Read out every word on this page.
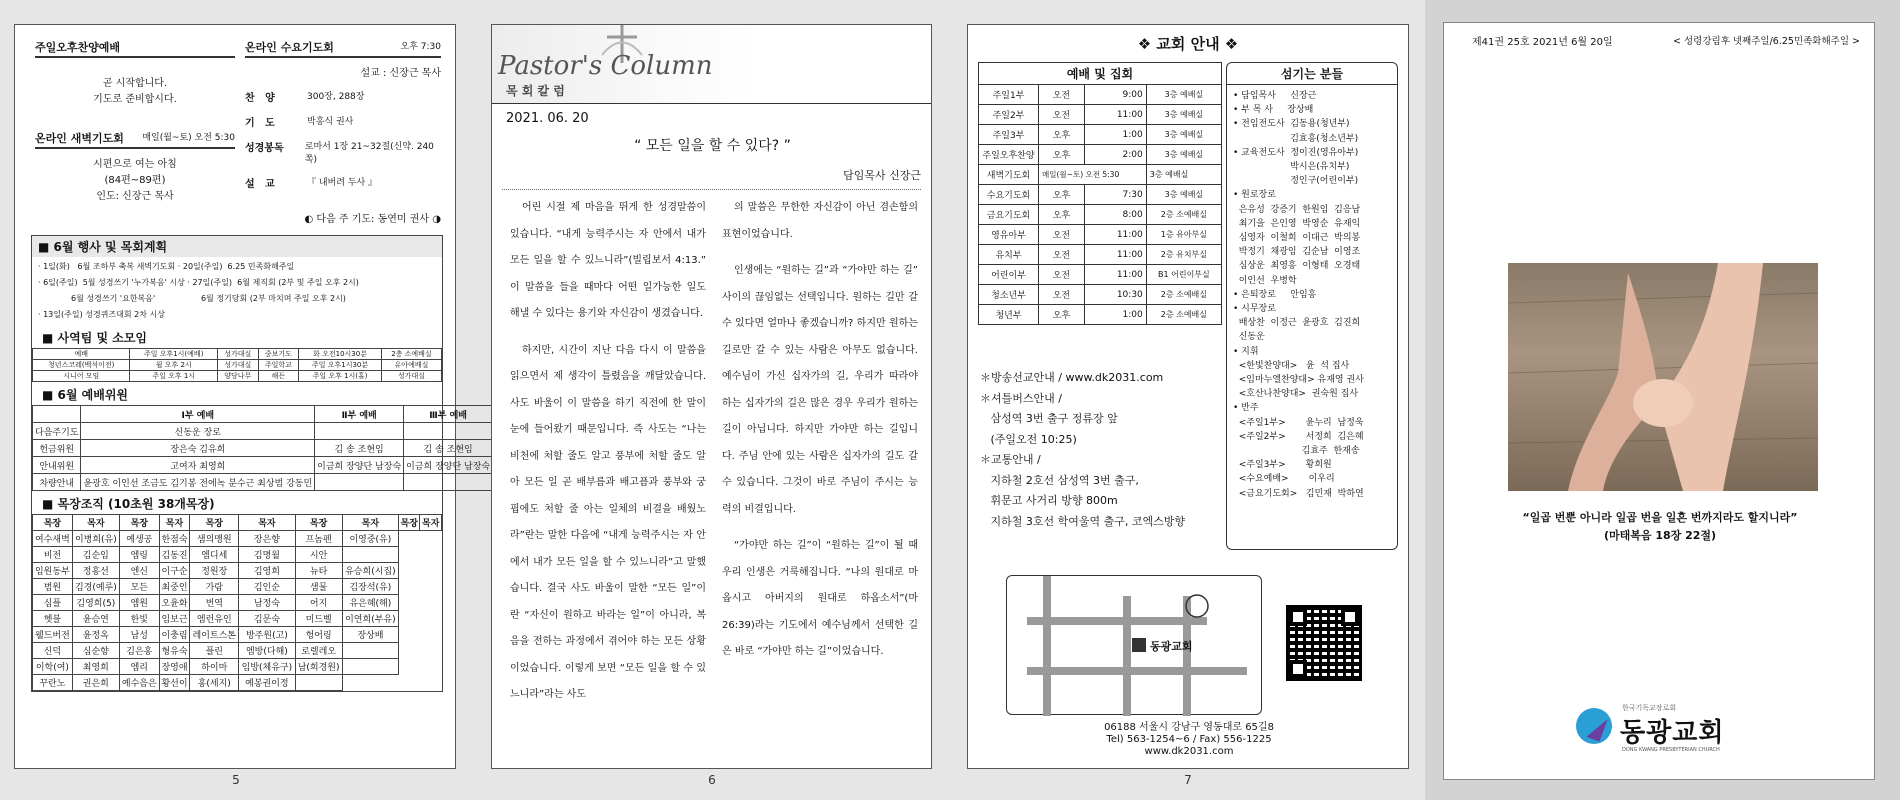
주일오후찬양예배
곧 시작합니다.
기도로 준비합시다.
온라인 새벽기도회 매일(월~토) 오전 5:30
시편으로 여는 아침
(84편~89편)
인도: 신장근 목사
온라인 수요기도회	오후 7:30
설교 : 신장근 목사
찬   양	300장, 288장
기   도	박흥식 권사
성경봉독	로마서 1장 21~32절(신약. 240쪽)
설   교	『 내버려 두사 』
◐ 다음 주 기도: 동연미 권사 ◑
■ 6월 행사 및 목회계획
· 1일(화)   6월 조하부 축복 새벽기도회 · 20일(주일)  6.25 민족화해주일
· 6일(주일)  5월 성경쓰기 '누가복음' 시상 · 27일(주일)  6월 제직회 (2부 및 주일 오후 2시)
6월 성경쓰기 '요한복음'                  6월 정기당회 (2부 마치며 주일 오후 2시)
· 13일(주일) 성경퀴즈대회 2차 시상
■ 사역팀 및 소모임
예배	주일 오후1시(예배)	성가대실	중보기도	화 오전10시30분	2층 소예배실
청년스코레(백석이전)	월 오후 2시	성가대실	주일학교	주일 오후1시30분	유아예배실
시니어 모임	주일 오후 1시	양당나무	해든	주일 오후 1시(홀)	성가대실
■ 6월 예배위원
	Ⅰ부 예배	Ⅱ부 예배	Ⅲ부 예배
다음주기도	신동운 장로		
헌금위원	장은숙 김유희	김 송 조현임	김 송 조현임
안내위원	고여자 최영희	이금희 장양단 남장숙	이금희 장양단 남장숙
차량안내	윤광호 이인선 조금도 김기봉 전에녹 분수근 최상범 강동민		
■ 목장조직 (10초원 38개목장)
목장	목자	목장	목자	목장	목자	목장	목자	목장	목자
여수새벽	이병희(유)	예생공	한점숙	샘의맹원	장은향	프놈펜	이영중(유)		
비전	김순임	엠링	김동진	엠디세	김명월	시안			
임원동부	정홍선	엔신	이구순	정원장	김영희	뉴타	유승희(시집)		
범원	김경(예루)	모든	최중인	가람	김인순	샘물	김장석(유)		
심플	김영희(5)	엠원	오윤화	번역	남정숙	어지	유은혜(해)		
헷블	윤승연	한빛	임보근	엠런유인	김문숙	미드벨	이연희(부유)		
웰드버전	윤정옥	남성	이충림	레이트스톤	방주원(고)	헝어링	장상배		
신덕	심순향	김은홍	형유숙	플린	엠방(다해)	로렐레오			
이학(여)	최영희	엠리	장영애	하이마	임방(체유구)	남(희경원)			
꾸란노	권은희	예수음은	황선이	홍(세지)	예봉권이정				
5
Pastor's Column
목 회 칼 럼
2021. 06. 20
“ 모든 일을 할 수 있다? ”
담임목사 신장근

어린 시절 제 마음을 뛰게 한 성경말씀이 있습니다. “내게 능력주시는 자 안에서 내가 모든 일을 할 수 있느니라”(빌립보서 4:13.” 이 말씀을 들을 때마다 어떤 일가능한 일도 해낼 수 있다는 용기와 자신감이 생겼습니다.

하지만, 시간이 지난 다음 다시 이 말씀을 읽으면서 제 생각이 틀렸음을 깨달았습니다. 사도 바울이 이 말씀을 하기 직전에 한 말이 눈에 들어왔기 때문입니다. 즉 사도는 “나는 비천에 처할 줄도 알고 풍부에 처할 줄도 알아 모든 일 곧 배부름과 배고픔과 풍부와 궁핍에도 처할 줄 아는 일체의 비결을 배웠노라”란는 말한 다음에 “내게 능력주시는 자 안에서 내가 모든 일을 할 수 있느니라”고 말했습니다. 결국 사도 바울이 말한 “모든 일”이란 “자신이 원하고 바라는 일”이 아니라, 복음을 전하는 과정에서 겪어야 하는 모든 상황이었습니다. 이렇게 보면 “모든 일을 할 수 있느니라”라는 사도

의 말씀은 무한한 자신감이 아닌 겸손함의 표현이었습니다.

인생에는 “원하는 길”과 “가야만 하는 길” 사이의 끊임없는 선택입니다. 원하는 길만 갈 수 있다면 얼마나 좋겠습니까? 하지만 원하는 길로만 갈 수 있는 사람은 아무도 없습니다. 예수님이 가신 십자가의 길, 우리가 따라야 하는 십자가의 길은 많은 경우 우리가 원하는 길이 아닙니다. 하지만 가야만 하는 길입니다. 주님 안에 있는 사람은 십자가의 길도 갈 수 있습니다. 그것이 바로 주님이 주시는 능력의 비결입니다.

“가야만 하는 길”이 “원하는 길”이 될 때 우리 인생은 거룩해집니다. “나의 원대로 마옵시고 아버지의 원대로 하옵소서”(마 26:39)라는 기도에서 예수님께서 선택한 길은 바로 “가야만 하는 길”이었습니다.

6
❖ 교회 안내 ❖
예배 및 집회
주일1부	오전	9:00	3층 예배실
주일2부	오전	11:00	3층 예배실
주일3부	오후	1:00	3층 예배실
주일오후찬양	오후	2:00	3층 예배실
새벽기도회	매일(월~토) 오전 5:30		3층 예배실
수요기도회	오후	7:30	3층 예배실
금요기도회	오후	8:00	2층 소예배실
영유아부	오전	11:00	1층 유아부실
유치부	오전	11:00	2층 유치부실
어린이부	오전	11:00	B1 어린이부실
청소년부	오전	10:30	2층 소예배실
청년부	오후	1:00	2층 소예배실
＊방송선교안내 / www.dk2031.com
＊셔틀버스안내 /
삼성역 3번 출구 정류장 앞
(주일오전 10:25)
＊교통안내 /
지하철 2호선 삼성역 3번 출구,
휘문고 사거리 방향 800m
지하철 3호선 학여울역 출구, 코엑스방향
섬기는 분들
• 담임목사     신장근
• 부 목 사     장상배
• 전임전도사  김동용(청년부)
김효흥(청소년부)
• 교육전도사  정이진(영유아부)
박시은(유치부)
정인구(어린이부)
• 원로장로
은유성  강증기  한원임  김응남
최기을  은인영  박영순  유재익
심영자  이철희  이대근  박의봉
박정기  채광임  김순남  이영조
심상운  최영흥  이형태  오경태
이인선  우병학
• 은퇴장로     안임흥
• 시무장로
배상찬  이정근  윤광호  김진희
신동운
• 지휘
<한빛찬양대>   윤  석 집사
<임마누엘찬양대> 유재영 권사
<호산나찬양대>  권숙원 집사
• 반주
<주일1부>       윤누리  남정욱
<주일2부>       서정희  김은혜
김효주  한재송
<주일3부>       황희원
<수요예배>       이우리
<금요기도회>   김민재  박하연
동광교회
06188 서울시 강남구 영동대로 65길8
Tel) 563-1254~6 / Fax) 556-1225
www.dk2031.com
7
제41권 25호 2021년 6월 20일	< 성령강림후 넷째주일/6.25민족화해주일 >
“일곱 번뿐 아니라 일곱 번을 일흔 번까지라도 할지니라”
(마태복음 18장 22절)
한국기독교장로회
동광교회
DONG KWANG PRESBYTERIAN CHURCH
